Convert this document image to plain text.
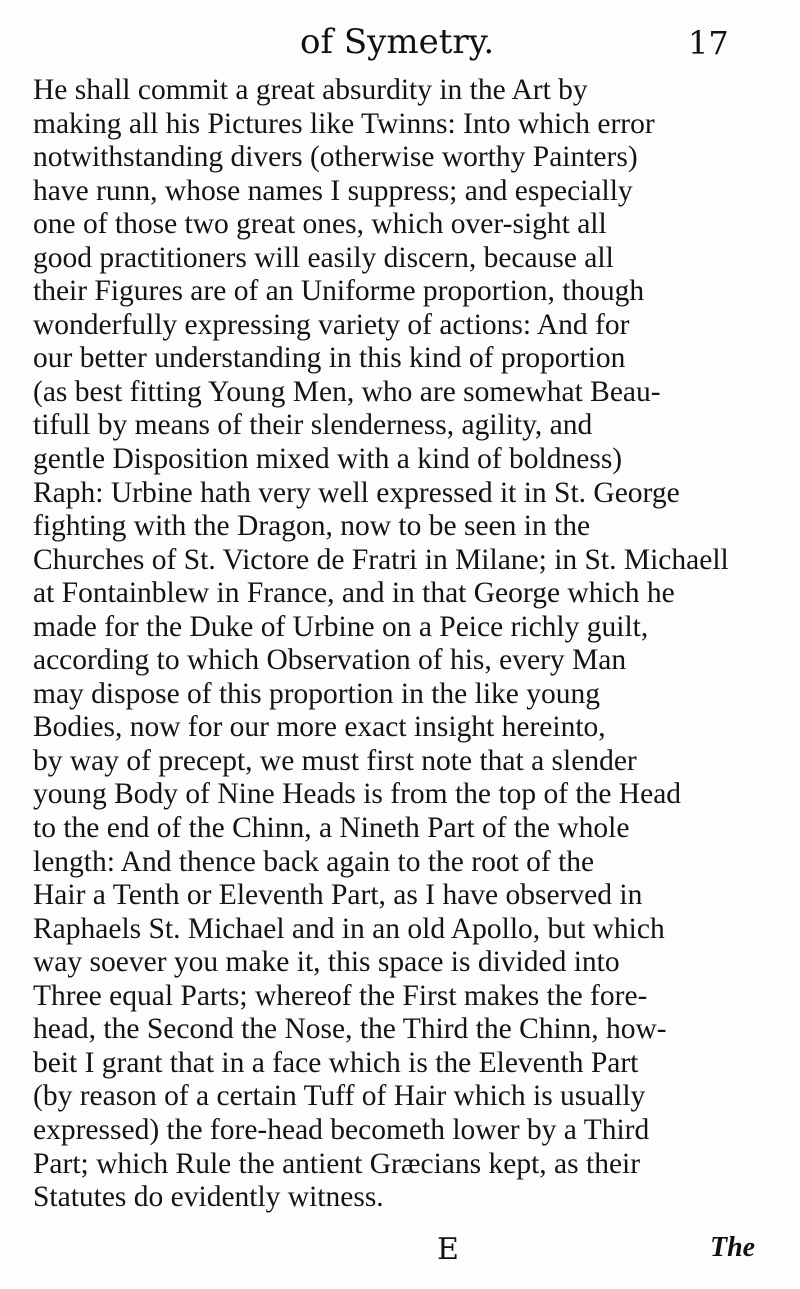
of Symetry.	17
He shall commit a great absurdity in the Art by
making all his Pictures like Twinns: Into which error
notwithstanding divers (otherwise worthy Painters)
have runn, whose names I suppress; and especially
one of those two great ones, which over-sight all
good practitioners will easily discern, because all
their Figures are of an Uniforme proportion, though
wonderfully expressing variety of actions: And for
our better understanding in this kind of proportion
(as best fitting Young Men, who are somewhat Beau-
tifull by means of their slenderness, agility, and
gentle Disposition mixed with a kind of boldness)
Raph: Urbine hath very well expressed it in St. George
fighting with the Dragon, now to be seen in the
Churches of St. Victore de Fratri in Milane; in St. Michaell
at Fontainblew in France, and in that George which he
made for the Duke of Urbine on a Peice richly guilt,
according to which Observation of his, every Man
may dispose of this proportion in the like young
Bodies, now for our more exact insight hereinto,
by way of precept, we must first note that a slender
young Body of Nine Heads is from the top of the Head
to the end of the Chinn, a Nineth Part of the whole
length: And thence back again to the root of the
Hair a Tenth or Eleventh Part, as I have observed in
Raphaels St. Michael and in an old Apollo, but which
way soever you make it, this space is divided into
Three equal Parts; whereof the First makes the fore-
head, the Second the Nose, the Third the Chinn, how-
beit I grant that in a face which is the Eleventh Part
(by reason of a certain Tuff of Hair which is usually
expressed) the fore-head becometh lower by a Third
Part; which Rule the antient Græcians kept, as their
Statutes do evidently witness.
E	The
